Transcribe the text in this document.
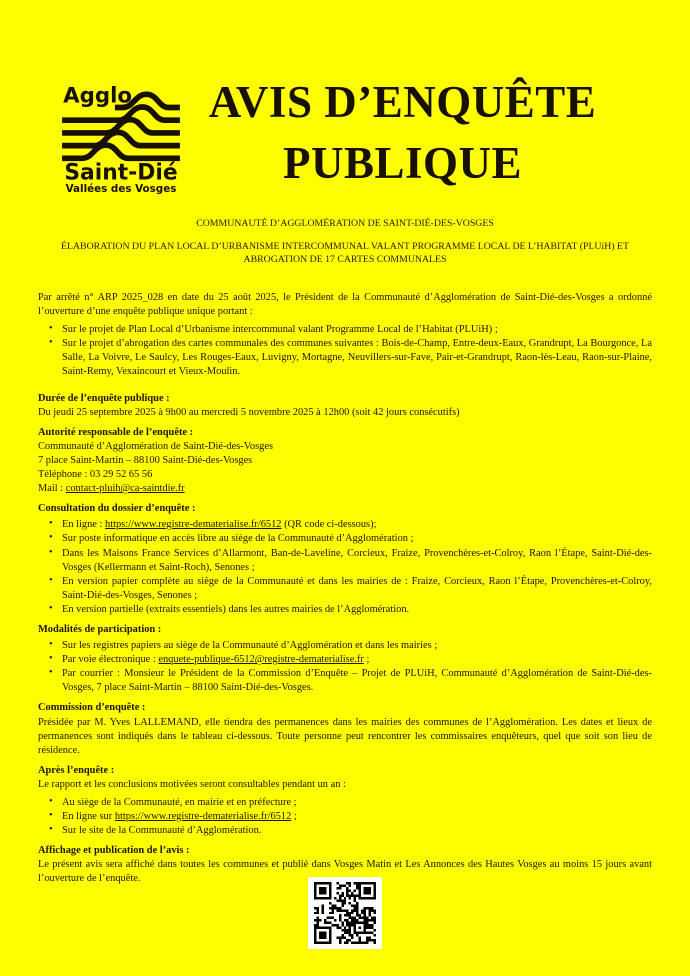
Agglo
Saint-Dié
Vallées des Vosges
AVIS D’ENQUÊTE
PUBLIQUE

COMMUNAUTÉ D’AGGLOMÉRATION DE SAINT-DIÉ-DES-VOSGES

ÉLABORATION DU PLAN LOCAL D’URBANISME INTERCOMMUNAL VALANT PROGRAMME LOCAL DE L’HABITAT (PLUiH) ET ABROGATION DE 17 CARTES COMMUNALES

Par arrêté n° ARP 2025_028 en date du 25 août 2025, le Président de la Communauté d’Agglomération de Saint-Dié-des-Vosges a ordonné l’ouverture d’une enquête publique unique portant :

• Sur le projet de Plan Local d’Urbanisme intercommunal valant Programme Local de l’Habitat (PLUiH) ;
• Sur le projet d’abrogation des cartes communales des communes suivantes : Bois-de-Champ, Entre-deux-Eaux, Grandrupt, La Bourgonce, La Salle, La Voivre, Le Saulcy, Les Rouges-Eaux, Luvigny, Mortagne, Neuvillers-sur-Fave, Pair-et-Grandrupt, Raon-lès-Leau, Raon-sur-Plaine, Saint-Remy, Vexaincourt et Vieux-Moulin.
Durée de l’enquête publique :

Du jeudi 25 septembre 2025 à 9h00 au mercredi 5 novembre 2025 à 12h00 (soit 42 jours consécutifs)

Autorité responsable de l’enquête :

Communauté d’Agglomération de Saint-Dié-des-Vosges

7 place Saint-Martin – 88100 Saint-Dié-des-Vosges

Téléphone : 03 29 52 65 56

Mail : contact-pluih@ca-saintdie.fr

Consultation du dossier d’enquête :
• En ligne : https://www.registre-dematerialise.fr/6512 (QR code ci-dessous);
• Sur poste informatique en accès libre au siège de la Communauté d’Agglomération ;
• Dans les Maisons France Services d’Allarmont, Ban-de-Laveline, Corcieux, Fraize, Provenchères-et-Colroy, Raon l’Étape, Saint-Dié-des-Vosges (Kellermann et Saint-Roch), Senones ;
• En version papier complète au siège de la Communauté et dans les mairies de : Fraize, Corcieux, Raon l’Étape, Provenchères-et-Colroy, Saint-Dié-des-Vosges, Senones ;
• En version partielle (extraits essentiels) dans les autres mairies de l’Agglomération.
Modalités de participation :
• Sur les registres papiers au siège de la Communauté d’Agglomération et dans les mairies ;
• Par voie électronique : enquete-publique-6512@registre-dematerialise.fr ;
• Par courrier : Monsieur le Président de la Commission d’Enquête – Projet de PLUiH, Communauté d’Agglomération de Saint-Dié-des-Vosges, 7 place Saint-Martin – 88100 Saint-Dié-des-Vosges.
Commission d’enquête :

Présidée par M. Yves LALLEMAND, elle tiendra des permanences dans les mairies des communes de l’Agglomération. Les dates et lieux de permanences sont indiqués dans le tableau ci-dessous. Toute personne peut rencontrer les commissaires enquêteurs, quel que soit son lieu de résidence.

Après l’enquête :

Le rapport et les conclusions motivées seront consultables pendant un an :

• Au siège de la Communauté, en mairie et en préfecture ;
• En ligne sur https://www.registre-dematerialise.fr/6512 ;
• Sur le site de la Communauté d’Agglomération.
Affichage et publication de l’avis :

Le présent avis sera affiché dans toutes les communes et publié dans Vosges Matin et Les Annonces des Hautes Vosges au moins 15 jours avant l’ouverture de l’enquête.
